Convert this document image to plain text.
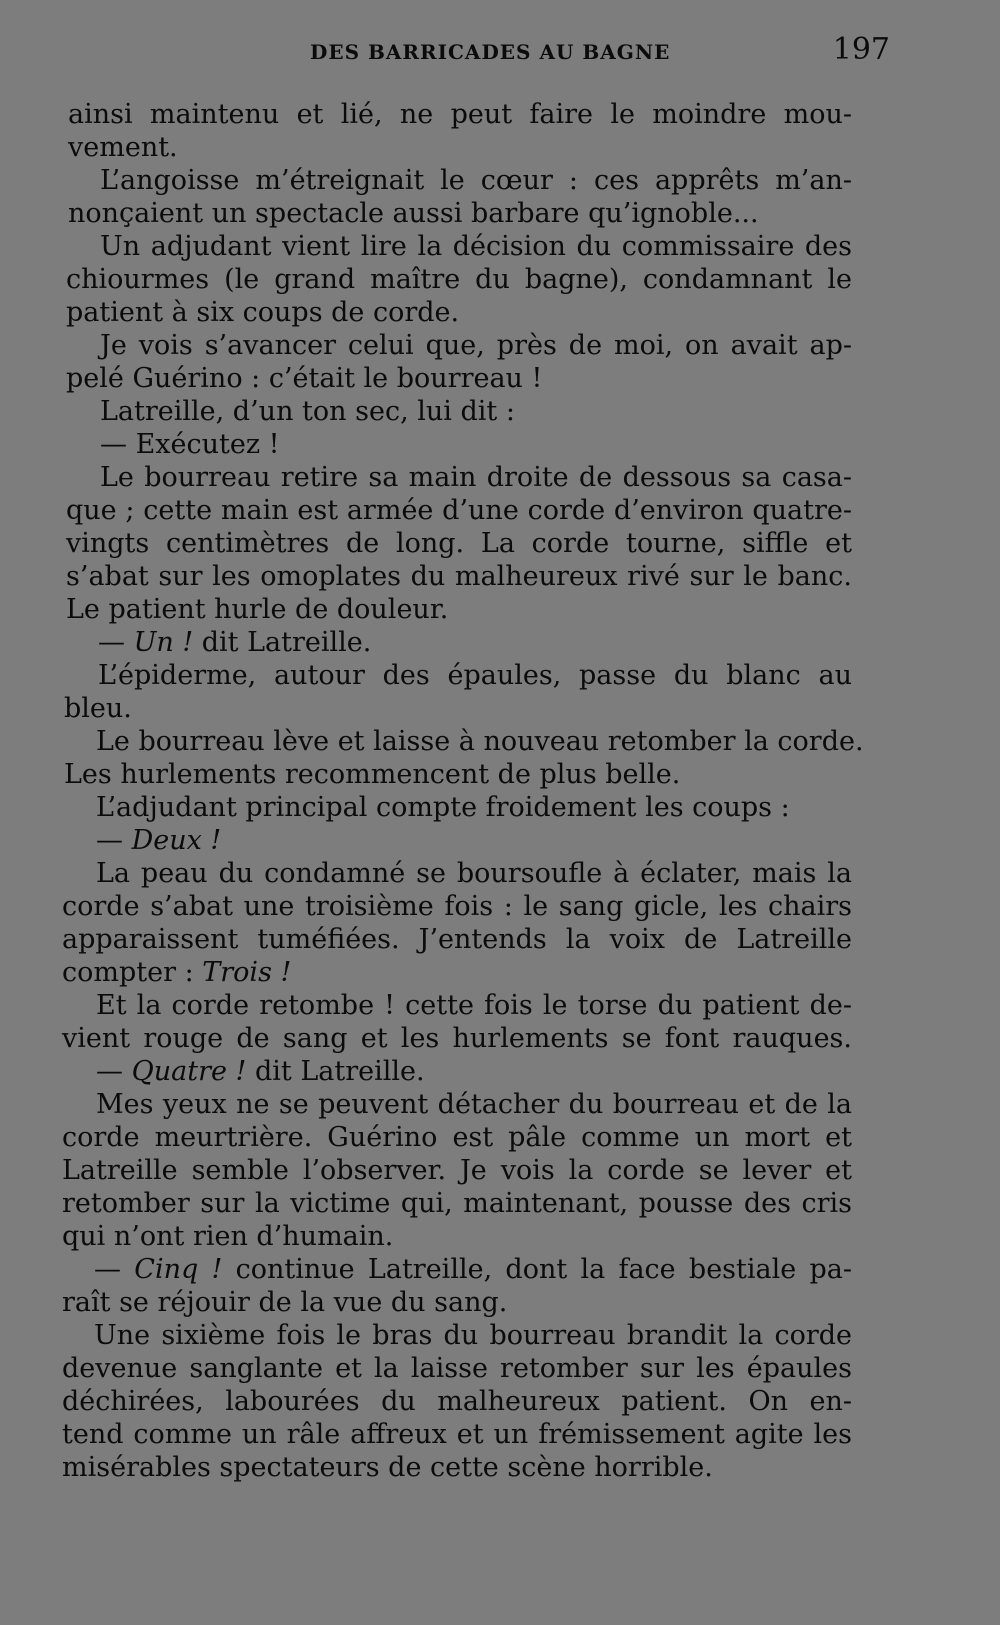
DES BARRICADES AU BAGNE	197
ainsi maintenu et lié, ne peut faire le moindre mou-
vement.
L’angoisse m’étreignait le cœur : ces apprêts m’an-
nonçaient un spectacle aussi barbare qu’ignoble...
Un adjudant vient lire la décision du commissaire des
chiourmes (le grand maître du bagne), condamnant le
patient à six coups de corde.
Je vois s’avancer celui que, près de moi, on avait ap-
pelé Guérino : c’était le bourreau !
Latreille, d’un ton sec, lui dit :
— Exécutez !
Le bourreau retire sa main droite de dessous sa casa-
que ; cette main est armée d’une corde d’environ quatre-
vingts centimètres de long. La corde tourne, siffle et
s’abat sur les omoplates du malheureux rivé sur le banc.
Le patient hurle de douleur.
— Un ! dit Latreille.
L’épiderme, autour des épaules, passe du blanc au
bleu.
Le bourreau lève et laisse à nouveau retomber la corde.
Les hurlements recommencent de plus belle.
L’adjudant principal compte froidement les coups :
— Deux !
La peau du condamné se boursoufle à éclater, mais la
corde s’abat une troisième fois : le sang gicle, les chairs
apparaissent tuméfiées. J’entends la voix de Latreille
compter : Trois !
Et la corde retombe ! cette fois le torse du patient de-
vient rouge de sang et les hurlements se font rauques.
— Quatre ! dit Latreille.
Mes yeux ne se peuvent détacher du bourreau et de la
corde meurtrière. Guérino est pâle comme un mort et
Latreille semble l’observer. Je vois la corde se lever et
retomber sur la victime qui, maintenant, pousse des cris
qui n’ont rien d’humain.
— Cinq ! continue Latreille, dont la face bestiale pa-
raît se réjouir de la vue du sang.
Une sixième fois le bras du bourreau brandit la corde
devenue sanglante et la laisse retomber sur les épaules
déchirées, labourées du malheureux patient. On en-
tend comme un râle affreux et un frémissement agite les
misérables spectateurs de cette scène horrible.
